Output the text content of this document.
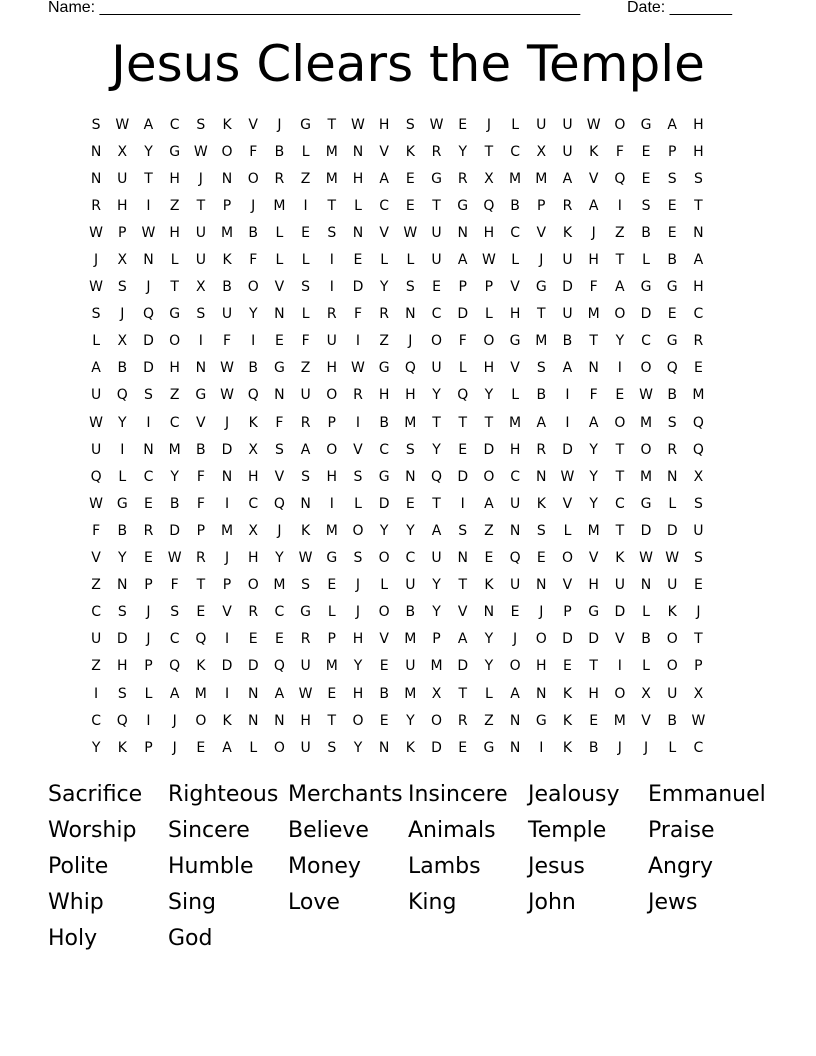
Name: ______________________________________________________	Date: _______
Jesus Clears the Temple
S	W	A	C	S	K	V	J	G	T	W	H	S	W	E	J	L	U	U	W O	G	A	H
N	X	Y	G W O	F	B	L	M	N	V	K	R	Y	T	C	X	U	K	F	E	P	H
N	U	T	H	J	N	O	R	Z	M	H	A	E	G	R	X	M	M	A	V	Q	E	S	S
R	H	I	Z	T	P	J	M	I	T	L	C	E	T	G	Q	B	P	R	A	I	S	E	T
W	P	W	H	U	M	B	L	E	S	N	V	W	U	N	H	C	V	K	J	Z	B	E	N
J	X	N	L	U	K	F	L	L	I	E	L	L	U	A	W	L	J	U	H	T	L	B	A
W	S	J	T	X	B	O	V	S	I	D	Y	S	E	P	P	V	G	D	F	A	G	G	H
S	J	Q	G	S	U	Y	N	L	R	F	R	N	C	D	L	H	T	U	M	O	D	E	C
L	X	D	O	I	F	I	E	F	U	I	Z	J	O	F	O	G	M	B	T	Y	C	G	R
A	B	D	H	N	W	B	G	Z	H	W G	Q	U	L	H	V	S	A	N	I	O	Q	E
U	Q	S	Z	G W Q	N	U	O	R	H	H	Y	Q	Y	L	B	I	F	E	W	B	M
W	Y	I	C	V	J	K	F	R	P	I	B	M	T	T	T	M	A	I	A	O	M	S	Q
U	I	N	M	B	D	X	S	A	O	V	C	S	Y	E	D	H	R	D	Y	T	O	R	Q
Q	L	C	Y	F	N	H	V	S	H	S	G	N	Q	D	O	C	N	W	Y	T	M	N	X
W G	E	B	F	I	C	Q	N	I	L	D	E	T	I	A	U	K	V	Y	C	G	L	S
F	B	R	D	P	M	X	J	K	M	O	Y	Y	A	S	Z	N	S	L	M	T	D	D	U
V	Y	E	W	R	J	H	Y	W G	S	O	C	U	N	E	Q	E	O	V	K	W W	S
Z	N	P	F	T	P	O	M	S	E	J	L	U	Y	T	K	U	N	V	H	U	N	U	E
C	S	J	S	E	V	R	C	G	L	J	O	B	Y	V	N	E	J	P	G	D	L	K	J
U	D	J	C	Q	I	E	E	R	P	H	V	M	P	A	Y	J	O	D	D	V	B	O	T
Z	H	P	Q	K	D	D	Q	U	M	Y	E	U	M	D	Y	O	H	E	T	I	L	O	P
I	S	L	A	M	I	N	A	W	E	H	B	M	X	T	L	A	N	K	H	O	X	U	X
C	Q	I	J	O	K	N	N	H	T	O	E	Y	O	R	Z	N	G	K	E	M	V	B	W
Y	K	P	J	E	A	L	O	U	S	Y	N	K	D	E	G	N	I	K	B	J	J	L	C
Sacrifice	Righteous Merchants Insincere Jealousy	Emmanuel
Worship	Sincere	Believe	Animals	Temple	Praise
Polite	Humble	Money	Lambs	Jesus	Angry
Whip	Sing	Love	King	John	Jews
Holy	God
